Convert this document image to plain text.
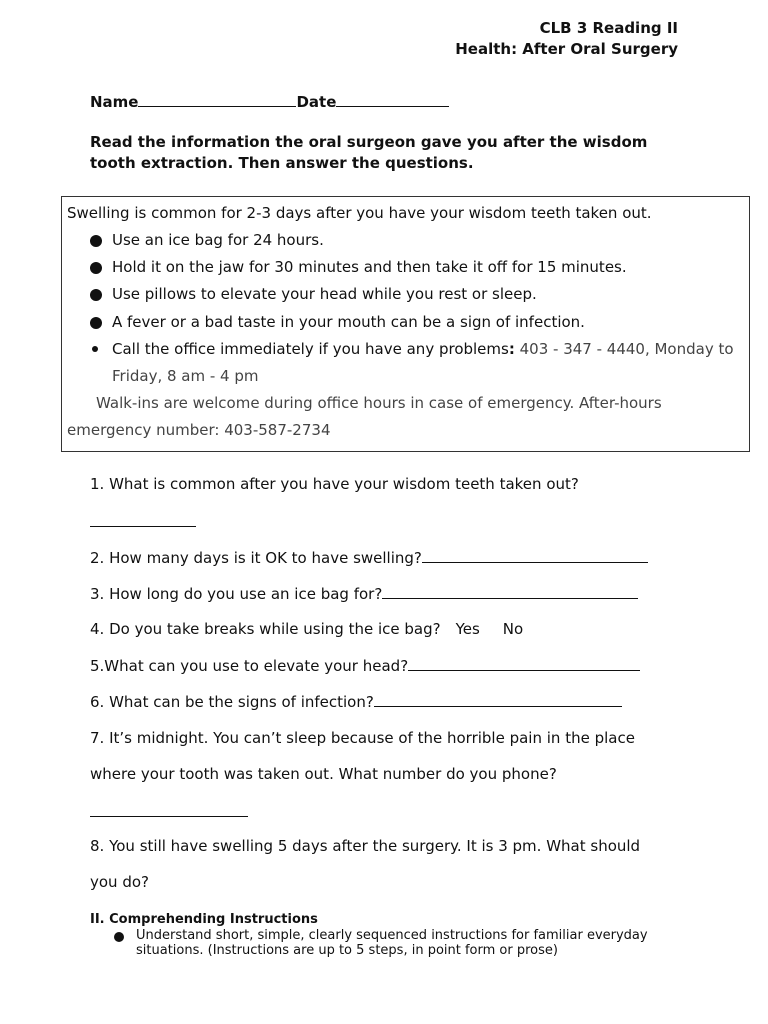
CLB 3 Reading II
Health: After Oral Surgery
Name	Date
Read the information the oral surgeon gave you after the wisdom tooth extraction. Then answer the questions.
Swelling is common for 2-3 days after you have your wisdom teeth taken out.
Use an ice bag for 24 hours.
Hold it on the jaw for 30 minutes and then take it off for 15 minutes.
Use pillows to elevate your head while you rest or sleep.
A fever or a bad taste in your mouth can be a sign of infection.
Call the office immediately if you have any problems: 403 - 347 - 4440, Monday to
Friday, 8 am - 4 pm
Walk-ins are welcome during office hours in case of emergency. After-hours
emergency number: 403-587-2734
1. What is common after you have your wisdom teeth taken out?
2. How many days is it OK to have swelling?
3. How long do you use an ice bag for?
4. Do you take breaks while using the ice bag? Yes No
5.What can you use to elevate your head?
6. What can be the signs of infection?
7. It’s midnight. You can’t sleep because of the horrible pain in the place
where your tooth was taken out. What number do you phone?
8. You still have swelling 5 days after the surgery. It is 3 pm. What should
you do?
II. Comprehending Instructions
Understand short, simple, clearly sequenced instructions for familiar everyday situations. (Instructions are up to 5 steps, in point form or prose)
